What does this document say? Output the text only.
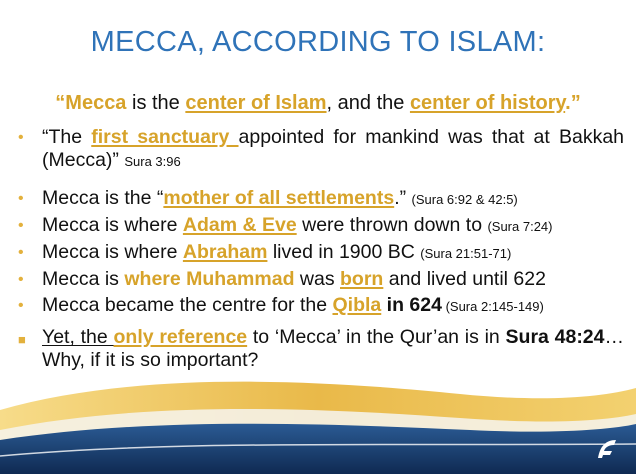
MECCA, ACCORDING TO ISLAM:
“Mecca is the center of Islam, and the center of history.”
• “The first sanctuary appointed for mankind was that at Bakkah (Mecca)” Sura 3:96
• Mecca is the “mother of all settlements.” (Sura 6:92 & 42:5)
• Mecca is where Adam & Eve were thrown down to (Sura 7:24)
• Mecca is where Abraham lived in 1900 BC (Sura 21:51-71)
• Mecca is where Muhammad was born and lived until 622
• Mecca became the centre for the Qibla in 624 (Sura 2:145-149)
■ Yet, the only reference to ‘Mecca’ in the Qur’an is in Sura 48:24…Why, if it is so important?
